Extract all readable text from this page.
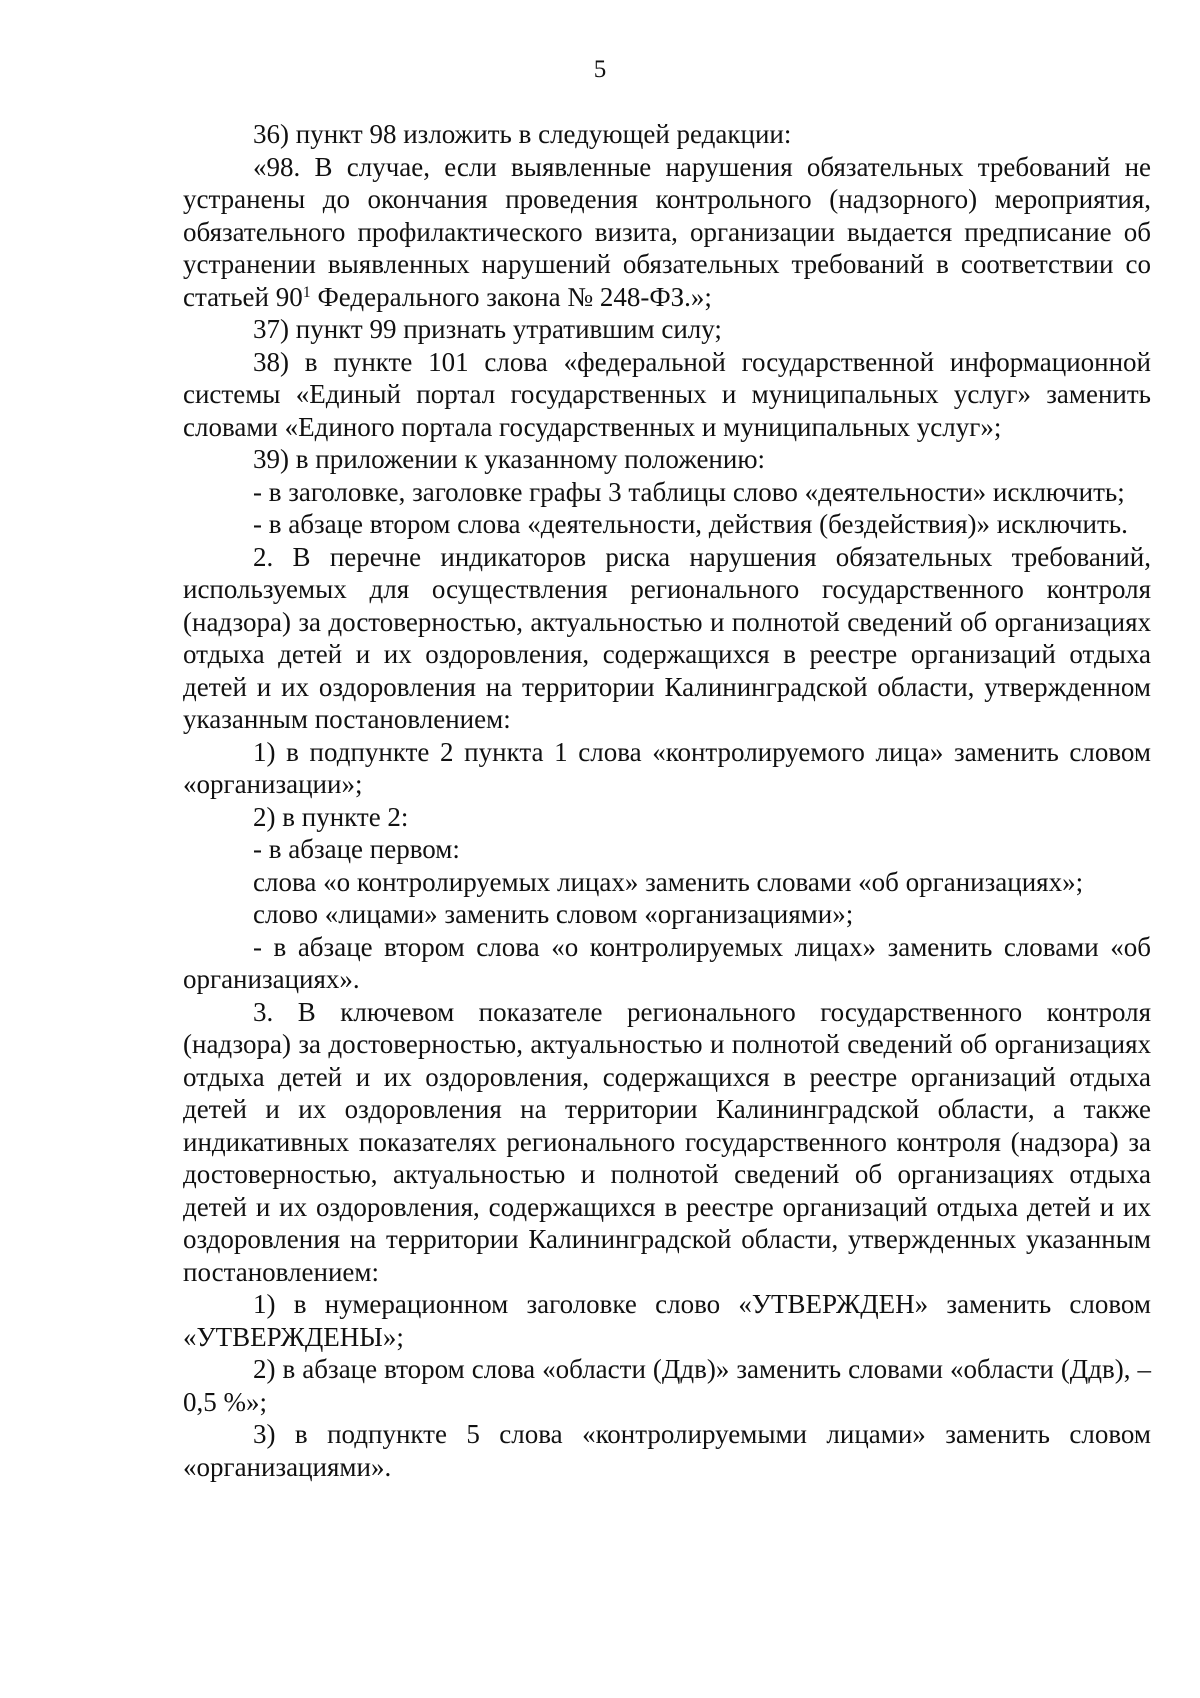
5

36) пункт 98 изложить в следующей редакции:

«98. В случае, если выявленные нарушения обязательных требований не устранены до окончания проведения контрольного (надзорного) мероприятия, обязательного профилактического визита, организации выдается предписание об устранении выявленных нарушений обязательных требований в соответствии со статьей $90^1$ Федерального закона № 248-ФЗ.»;

37) пункт 99 признать утратившим силу;

38) в пункте 101 слова «федеральной государственной информационной системы «Единый портал государственных и муниципальных услуг» заменить словами «Единого портала государственных и муниципальных услуг»;

39) в приложении к указанному положению:

- в заголовке, заголовке графы 3 таблицы слово «деятельности» исключить;

- в абзаце втором слова «деятельности, действия (бездействия)» исключить.

2. В перечне индикаторов риска нарушения обязательных требований, используемых для осуществления регионального государственного контроля (надзора) за достоверностью, актуальностью и полнотой сведений об организациях отдыха детей и их оздоровления, содержащихся в реестре организаций отдыха детей и их оздоровления на территории Калининградской области, утвержденном указанным постановлением:

1) в подпункте 2 пункта 1 слова «контролируемого лица» заменить словом «организации»;

2) в пункте 2:

- в абзаце первом:

слова «о контролируемых лицах» заменить словами «об организациях»;

слово «лицами» заменить словом «организациями»;

- в абзаце втором слова «о контролируемых лицах» заменить словами «об организациях».

3. В ключевом показателе регионального государственного контроля (надзора) за достоверностью, актуальностью и полнотой сведений об организациях отдыха детей и их оздоровления, содержащихся в реестре организаций отдыха детей и их оздоровления на территории Калининградской области, а также индикативных показателях регионального государственного контроля (надзора) за достоверностью, актуальностью и полнотой сведений об организациях отдыха детей и их оздоровления, содержащихся в реестре организаций отдыха детей и их оздоровления на территории Калининградской области, утвержденных указанным постановлением:

1) в нумерационном заголовке слово «УТВЕРЖДЕН» заменить словом «УТВЕРЖДЕНЫ»;

2) в абзаце втором слова «области (Ддв)» заменить словами «области (Ддв), – 0,5 %»;

3) в подпункте 5 слова «контролируемыми лицами» заменить словом «организациями».
